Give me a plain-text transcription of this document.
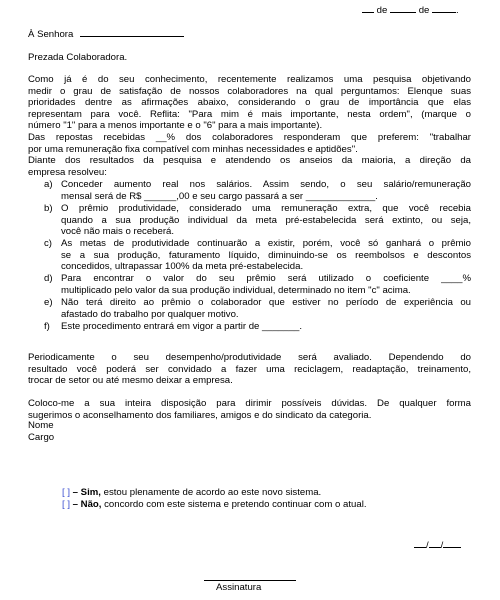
de	de	.
À Senhora
Prezada Colaboradora.
Como já é do seu conhecimento, recentemente realizamos uma pesquisa objetivando
medir o grau de satisfação de nossos colaboradores na qual perguntamos: Elenque suas
prioridades dentre as afirmações abaixo, considerando o grau de importância que elas
representam para você. Reflita: "Para mim é mais importante, nesta ordem", (marque o
número "1" para a menos importante e o "6" para a mais importante).
Das repostas recebidas __% dos colaboradores responderam que preferem: "trabalhar
por uma remuneração fixa compatível com minhas necessidades e aptidões".
Diante dos resultados da pesquisa e atendendo os anseios da maioria, a direção da
empresa resolveu:
a) Conceder aumento real nos salários. Assim sendo, o seu salário/remuneração
mensal será de R$ ______,00 e seu cargo passará a ser _____________.
b) O prêmio produtividade, considerado uma remuneração extra, que você recebia
quando a sua produção individual da meta pré-estabelecida será extinto, ou seja,
você não mais o receberá.
c) As metas de produtividade continuarão a existir, porém, você só ganhará o prêmio
se a sua produção, faturamento líquido, diminuindo-se os reembolsos e descontos
concedidos, ultrapassar 100% da meta pré-estabelecida.
d) Para encontrar o valor do seu prêmio será utilizado o coeficiente ____%
multiplicado pelo valor da sua produção individual, determinado no item "c" acima.
e) Não terá direito ao prêmio o colaborador que estiver no período de experiência ou
afastado do trabalho por qualquer motivo.
f) Este procedimento entrará em vigor a partir de _______.
Periodicamente o seu desempenho/produtividade será avaliado. Dependendo do
resultado você poderá ser convidado a fazer uma reciclagem, readaptação, treinamento,
trocar de setor ou até mesmo deixar a empresa.
Coloco-me a sua inteira disposição para dirimir possíveis dúvidas. De qualquer forma
sugerimos o aconselhamento dos familiares, amigos e do sindicato da categoria.
Nome
Cargo
[ ] – Sim, estou plenamente de acordo ao este novo sistema.
[ ] – Não, concordo com este sistema e pretendo continuar com o atual.
/ /
Assinatura
